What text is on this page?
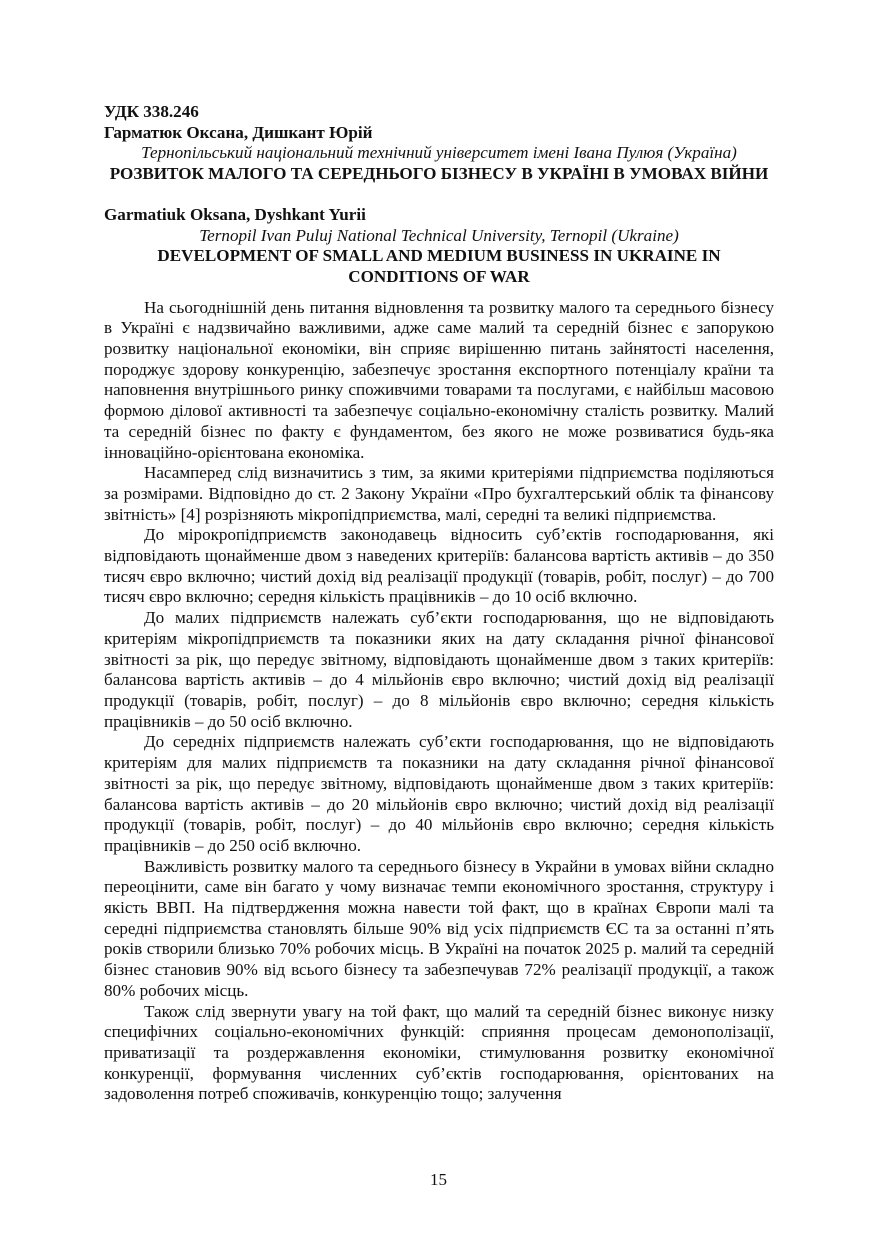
УДК 338.246
Гарматюк Оксана, Дишкант Юрій
Тернопільський національний технічний університет імені Івана Пулюя (Україна)
РОЗВИТОК МАЛОГО ТА СЕРЕДНЬОГО БІЗНЕСУ В УКРАЇНІ В УМОВАХ ВІЙНИ
Garmatiuk Oksana, Dyshkant Yurii
Ternopil Ivan Puluj National Technical University, Ternopil (Ukraine)
DEVELOPMENT OF SMALL AND MEDIUM BUSINESS IN UKRAINE IN CONDITIONS OF WAR

На сьогоднішній день питання відновлення та розвитку малого та середнього бізнесу в Україні є надзвичайно важливими, адже саме малий та середній бізнес є запорукою розвитку національної економіки, він сприяє вирішенню питань зайнятості населення, породжує здорову конкуренцію, забезпечує зростання експортного потенціалу країни та наповнення внутрішнього ринку споживчими товарами та послугами, є найбільш масовою формою ділової активності та забезпечує соціально-економічну сталість розвитку. Малий та середній бізнес по факту є фундаментом, без якого не може розвиватися будь-яка інноваційно-орієнтована економіка.

Насамперед слід визначитись з тим, за якими критеріями підприємства поділяються за розмірами. Відповідно до ст. 2 Закону України «Про бухгалтерський облік та фінансову звітність» [4] розрізняють мікропідприємства, малі, середні та великі підприємства.

До мірокропідприємств законодавець відносить суб’єктів господарювання, які відповідають щонайменше двом з наведених критеріїв: балансова вартість активів – до 350 тисяч євро включно; чистий дохід від реалізації продукції (товарів, робіт, послуг) – до 700 тисяч євро включно; середня кількість працівників – до 10 осіб включно.

До малих підприємств належать суб’єкти господарювання, що не відповідають критеріям мікропідприємств та показники яких на дату складання річної фінансової звітності за рік, що передує звітному, відповідають щонайменше двом з таких критеріїв: балансова вартість активів – до 4 мільйонів євро включно; чистий дохід від реалізації продукції (товарів, робіт, послуг) – до 8 мільйонів євро включно; середня кількість працівників – до 50 осіб включно.

До середніх підприємств належать суб’єкти господарювання, що не відповідають критеріям для малих підприємств та показники на дату складання річної фінансової звітності за рік, що передує звітному, відповідають щонайменше двом з таких критеріїв: балансова вартість активів – до 20 мільйонів євро включно; чистий дохід від реалізації продукції (товарів, робіт, послуг) – до 40 мільйонів євро включно; середня кількість працівників – до 250 осіб включно.

Важливість розвитку малого та середнього бізнесу в Украйни в умовах війни складно переоцінити, саме він багато у чому визначає темпи економічного зростання, структуру і якість ВВП. На підтвердження можна навести той факт, що в країнах Європи малі та середні підприємства становлять більше 90% від усіх підприємств ЄС та за останні п’ять років створили близько 70% робочих місць. В Україні на початок 2025 р. малий та середній бізнес становив 90% від всього бізнесу та забезпечував 72% реалізації продукції, а також 80% робочих місць.

Також слід звернути увагу на той факт, що малий та середній бізнес виконує низку специфічних соціально-економічних функцій: сприяння процесам демонополізації, приватизації та роздержавлення економіки, стимулювання розвитку економічної конкуренції, формування численних суб’єктів господарювання, орієнтованих на задоволення потреб споживачів, конкуренцію тощо; залучення

15
